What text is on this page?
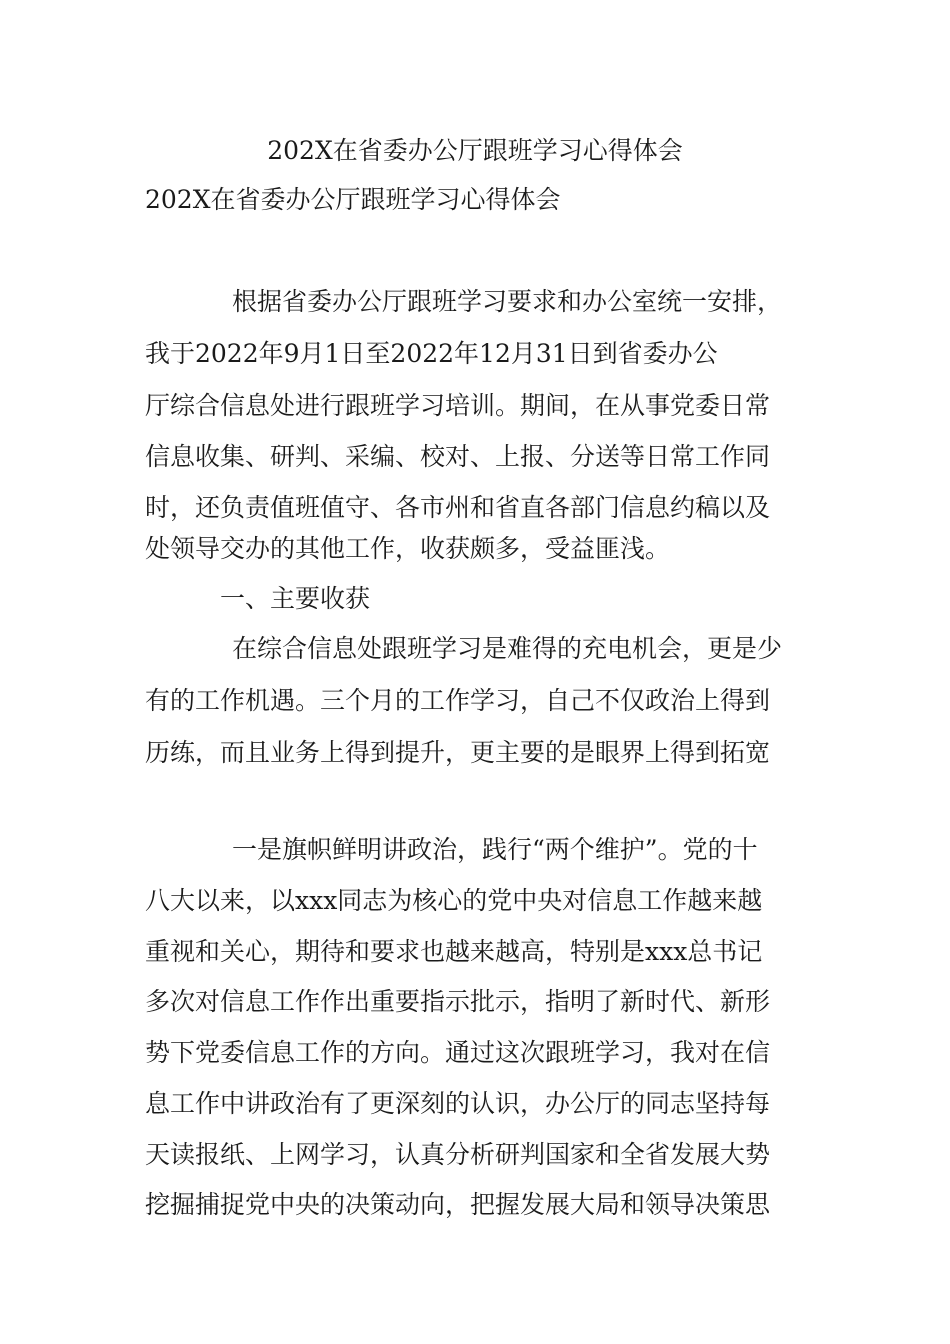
202X在省委办公厅跟班学习心得体会
202X在省委办公厅跟班学习心得体会
根据省委办公厅跟班学习要求和办公室统一安排，
我于2022年9月1日至2022年12月31日到省委办公
厅综合信息处进行跟班学习培训。期间，在从事党委日常
信息收集、研判、采编、校对、上报、分送等日常工作同
时，还负责值班值守、各市州和省直各部门信息约稿以及
处领导交办的其他工作，收获颇多，受益匪浅。
一、主要收获
在综合信息处跟班学习是难得的充电机会，更是少
有的工作机遇。三个月的工作学习，自己不仅政治上得到
历练，而且业务上得到提升，更主要的是眼界上得到拓宽
一是旗帜鲜明讲政治，践行“两个维护”。党的十
八大以来，以xxx同志为核心的党中央对信息工作越来越
重视和关心，期待和要求也越来越高，特别是xxx总书记
多次对信息工作作出重要指示批示，指明了新时代、新形
势下党委信息工作的方向。通过这次跟班学习，我对在信
息工作中讲政治有了更深刻的认识，办公厅的同志坚持每
天读报纸、上网学习，认真分析研判国家和全省发展大势
挖掘捕捉党中央的决策动向，把握发展大局和领导决策思
